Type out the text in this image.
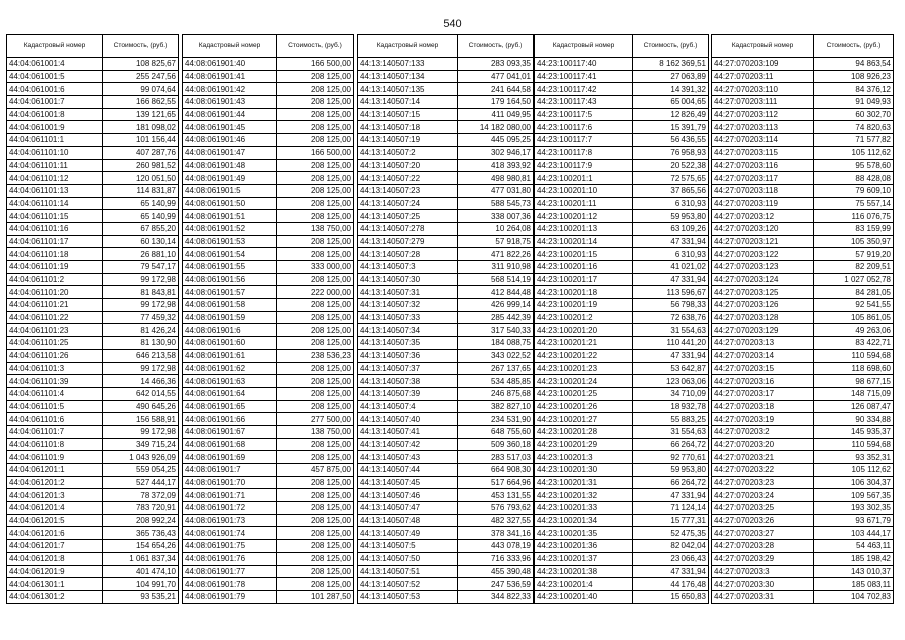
540
Кадастровый номер	Стоимость, (руб.)
44:04:061001:4	108 825,67
44:04:061001:5	255 247,56
44:04:061001:6	99 074,64
44:04:061001:7	166 862,55
44:04:061001:8	139 121,65
44:04:061001:9	181 098,02
44:04:061101:1	101 156,44
44:04:061101:10	407 287,76
44:04:061101:11	260 981,52
44:04:061101:12	120 051,50
44:04:061101:13	114 831,87
44:04:061101:14	65 140,99
44:04:061101:15	65 140,99
44:04:061101:16	67 855,20
44:04:061101:17	60 130,14
44:04:061101:18	26 881,10
44:04:061101:19	79 547,17
44:04:061101:2	99 172,98
44:04:061101:20	81 843,81
44:04:061101:21	99 172,98
44:04:061101:22	77 459,32
44:04:061101:23	81 426,24
44:04:061101:25	81 130,90
44:04:061101:26	646 213,58
44:04:061101:3	99 172,98
44:04:061101:39	14 466,36
44:04:061101:4	642 014,55
44:04:061101:5	490 645,26
44:04:061101:6	156 588,91
44:04:061101:7	99 172,98
44:04:061101:8	349 715,24
44:04:061101:9	1 043 926,09
44:04:061201:1	559 054,25
44:04:061201:2	527 444,17
44:04:061201:3	78 372,09
44:04:061201:4	783 720,91
44:04:061201:5	208 992,24
44:04:061201:6	365 736,43
44:04:061201:7	154 654,26
44:04:061201:8	1 061 837,34
44:04:061201:9	401 474,10
44:04:061301:1	104 991,70
44:04:061301:2	93 535,21
Кадастровый номер	Стоимость, (руб.)
44:08:061901:40	166 500,00
44:08:061901:41	208 125,00
44:08:061901:42	208 125,00
44:08:061901:43	208 125,00
44:08:061901:44	208 125,00
44:08:061901:45	208 125,00
44:08:061901:46	208 125,00
44:08:061901:47	166 500,00
44:08:061901:48	208 125,00
44:08:061901:49	208 125,00
44:08:061901:5	208 125,00
44:08:061901:50	208 125,00
44:08:061901:51	208 125,00
44:08:061901:52	138 750,00
44:08:061901:53	208 125,00
44:08:061901:54	208 125,00
44:08:061901:55	333 000,00
44:08:061901:56	208 125,00
44:08:061901:57	222 000,00
44:08:061901:58	208 125,00
44:08:061901:59	208 125,00
44:08:061901:6	208 125,00
44:08:061901:60	208 125,00
44:08:061901:61	238 536,23
44:08:061901:62	208 125,00
44:08:061901:63	208 125,00
44:08:061901:64	208 125,00
44:08:061901:65	208 125,00
44:08:061901:66	277 500,00
44:08:061901:67	138 750,00
44:08:061901:68	208 125,00
44:08:061901:69	208 125,00
44:08:061901:7	457 875,00
44:08:061901:70	208 125,00
44:08:061901:71	208 125,00
44:08:061901:72	208 125,00
44:08:061901:73	208 125,00
44:08:061901:74	208 125,00
44:08:061901:75	208 125,00
44:08:061901:76	208 125,00
44:08:061901:77	208 125,00
44:08:061901:78	208 125,00
44:08:061901:79	101 287,50
Кадастровый номер	Стоимость, (руб.)
44:13:140507:133	283 093,35
44:13:140507:134	477 041,01
44:13:140507:135	241 644,58
44:13:140507:14	179 164,50
44:13:140507:15	411 049,95
44:13:140507:18	14 182 080,00
44:13:140507:19	445 095,25
44:13:140507:2	302 946,17
44:13:140507:20	418 393,92
44:13:140507:22	498 980,81
44:13:140507:23	477 031,80
44:13:140507:24	588 545,73
44:13:140507:25	338 007,36
44:13:140507:278	10 264,08
44:13:140507:279	57 918,75
44:13:140507:28	471 822,26
44:13:140507:3	311 910,98
44:13:140507:30	568 514,19
44:13:140507:31	412 844,48
44:13:140507:32	426 999,14
44:13:140507:33	285 442,39
44:13:140507:34	317 540,33
44:13:140507:35	184 088,75
44:13:140507:36	343 022,52
44:13:140507:37	267 137,65
44:13:140507:38	534 485,85
44:13:140507:39	246 875,68
44:13:140507:4	382 827,10
44:13:140507:40	234 531,90
44:13:140507:41	648 755,60
44:13:140507:42	509 360,18
44:13:140507:43	283 517,03
44:13:140507:44	664 908,30
44:13:140507:45	517 664,96
44:13:140507:46	453 131,55
44:13:140507:47	576 793,62
44:13:140507:48	482 327,55
44:13:140507:49	378 341,16
44:13:140507:5	443 078,19
44:13:140507:50	716 333,96
44:13:140507:51	455 390,48
44:13:140507:52	247 536,59
44:13:140507:53	344 822,33
Кадастровый номер	Стоимость, (руб.)
44:23:100117:40	8 162 369,51
44:23:100117:41	27 063,89
44:23:100117:42	14 391,32
44:23:100117:43	65 004,65
44:23:100117:5	12 826,49
44:23:100117:6	15 391,79
44:23:100117:7	56 436,55
44:23:100117:8	76 958,93
44:23:100117:9	20 522,38
44:23:100201:1	72 575,65
44:23:100201:10	37 865,56
44:23:100201:11	6 310,93
44:23:100201:12	59 953,80
44:23:100201:13	63 109,26
44:23:100201:14	47 331,94
44:23:100201:15	6 310,93
44:23:100201:16	41 021,02
44:23:100201:17	47 331,94
44:23:100201:18	113 596,67
44:23:100201:19	56 798,33
44:23:100201:2	72 638,76
44:23:100201:20	31 554,63
44:23:100201:21	110 441,20
44:23:100201:22	47 331,94
44:23:100201:23	53 642,87
44:23:100201:24	123 063,06
44:23:100201:25	34 710,09
44:23:100201:26	18 932,78
44:23:100201:27	55 883,25
44:23:100201:28	31 554,63
44:23:100201:29	66 264,72
44:23:100201:3	92 770,61
44:23:100201:30	59 953,80
44:23:100201:31	66 264,72
44:23:100201:32	47 331,94
44:23:100201:33	71 124,14
44:23:100201:34	15 777,31
44:23:100201:35	52 475,35
44:23:100201:36	82 042,04
44:23:100201:37	23 066,43
44:23:100201:38	47 331,94
44:23:100201:4	44 176,48
44:23:100201:40	15 650,83
Кадастровый номер	Стоимость, (руб.)
44:27:070203:109	94 863,54
44:27:070203:11	108 926,23
44:27:070203:110	84 376,12
44:27:070203:111	91 049,93
44:27:070203:112	60 302,70
44:27:070203:113	74 820,63
44:27:070203:114	71 577,82
44:27:070203:115	105 112,62
44:27:070203:116	95 578,60
44:27:070203:117	88 428,08
44:27:070203:118	79 609,10
44:27:070203:119	75 557,14
44:27:070203:12	116 076,75
44:27:070203:120	83 159,99
44:27:070203:121	105 350,97
44:27:070203:122	57 919,20
44:27:070203:123	82 209,51
44:27:070203:124	1 027 052,78
44:27:070203:125	84 281,05
44:27:070203:126	92 541,55
44:27:070203:128	105 861,05
44:27:070203:129	49 263,06
44:27:070203:13	83 422,71
44:27:070203:14	110 594,68
44:27:070203:15	118 698,60
44:27:070203:16	98 677,15
44:27:070203:17	148 715,09
44:27:070203:18	126 087,47
44:27:070203:19	90 334,88
44:27:070203:2	145 935,37
44:27:070203:20	110 594,68
44:27:070203:21	93 352,31
44:27:070203:22	105 112,62
44:27:070203:23	106 304,37
44:27:070203:24	109 567,35
44:27:070203:25	193 302,35
44:27:070203:26	93 671,79
44:27:070203:27	103 444,17
44:27:070203:28	54 463,11
44:27:070203:29	185 198,42
44:27:070203:3	143 010,37
44:27:070203:30	185 083,11
44:27:070203:31	104 702,83
